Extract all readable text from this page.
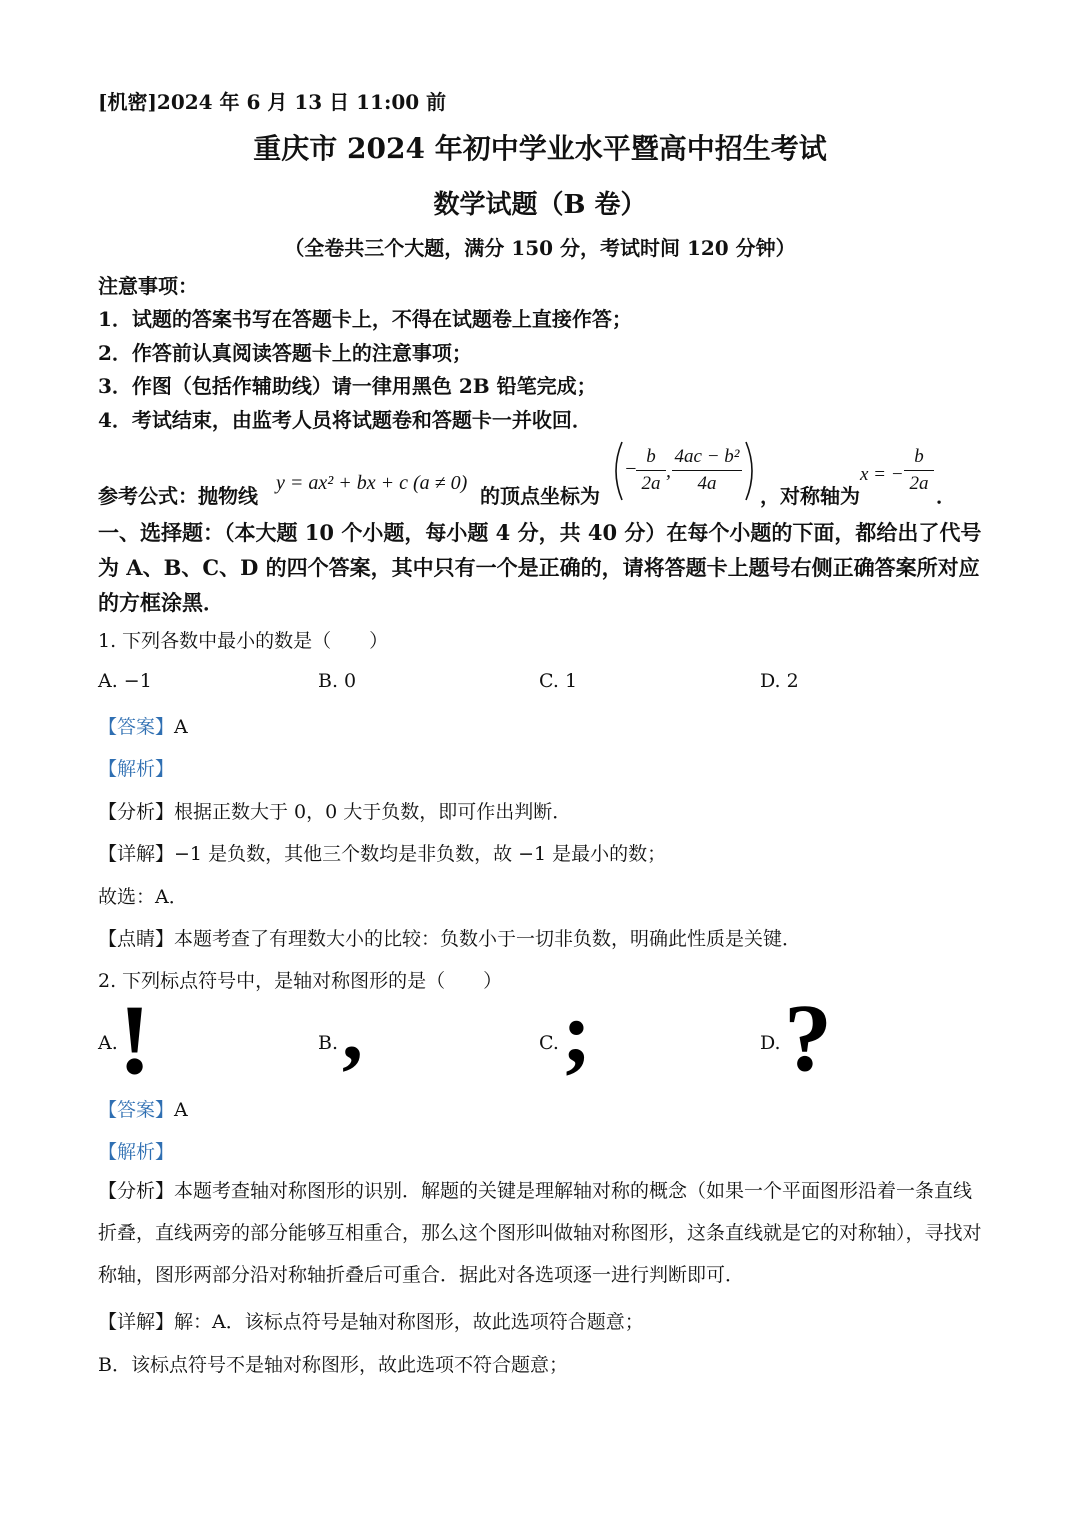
[机密]2024 年 6 月 13 日 11:00 前
重庆市 2024 年初中学业水平暨高中招生考试
数学试题（B 卷）
（全卷共三个大题，满分 150 分，考试时间 120 分钟）
注意事项：
1．试题的答案书写在答题卡上，不得在试题卷上直接作答；
2．作答前认真阅读答题卡上的注意事项；
3．作图（包括作辅助线）请一律用黑色 2B 铅笔完成；
4．考试结束，由监考人员将试题卷和答题卡一并收回．
参考公式：抛物线
y = ax² + bx + c (a ≠ 0)
的顶点坐标为
−
b
2a
,
4ac − b²
4a
，对称轴为
x = −
b
2a
．
一、选择题：（本大题 10 个小题，每小题 4 分，共 40 分）在每个小题的下面，都给出了代号为 A、B、C、D 的四个答案，其中只有一个是正确的，请将答题卡上题号右侧正确答案所对应的方框涂黑．
1. 下列各数中最小的数是（　　）
A. −1	B. 0	C. 1	D. 2
【答案】A
【解析】
【分析】根据正数大于 0，0 大于负数，即可作出判断．
【详解】−1 是负数，其他三个数均是非负数，故 −1 是最小的数；
故选：A．
【点睛】本题考查了有理数大小的比较：负数小于一切非负数，明确此性质是关键．
2. 下列标点符号中，是轴对称图形的是（　　）
A. !	B. ,	C. ;	D. ?
【答案】A
【解析】
【分析】本题考查轴对称图形的识别．解题的关键是理解轴对称的概念（如果一个平面图形沿着一条直线折叠，直线两旁的部分能够互相重合，那么这个图形叫做轴对称图形，这条直线就是它的对称轴），寻找对称轴，图形两部分沿对称轴折叠后可重合．据此对各选项逐一进行判断即可．
【详解】解：A．该标点符号是轴对称图形，故此选项符合题意；
B．该标点符号不是轴对称图形，故此选项不符合题意；
